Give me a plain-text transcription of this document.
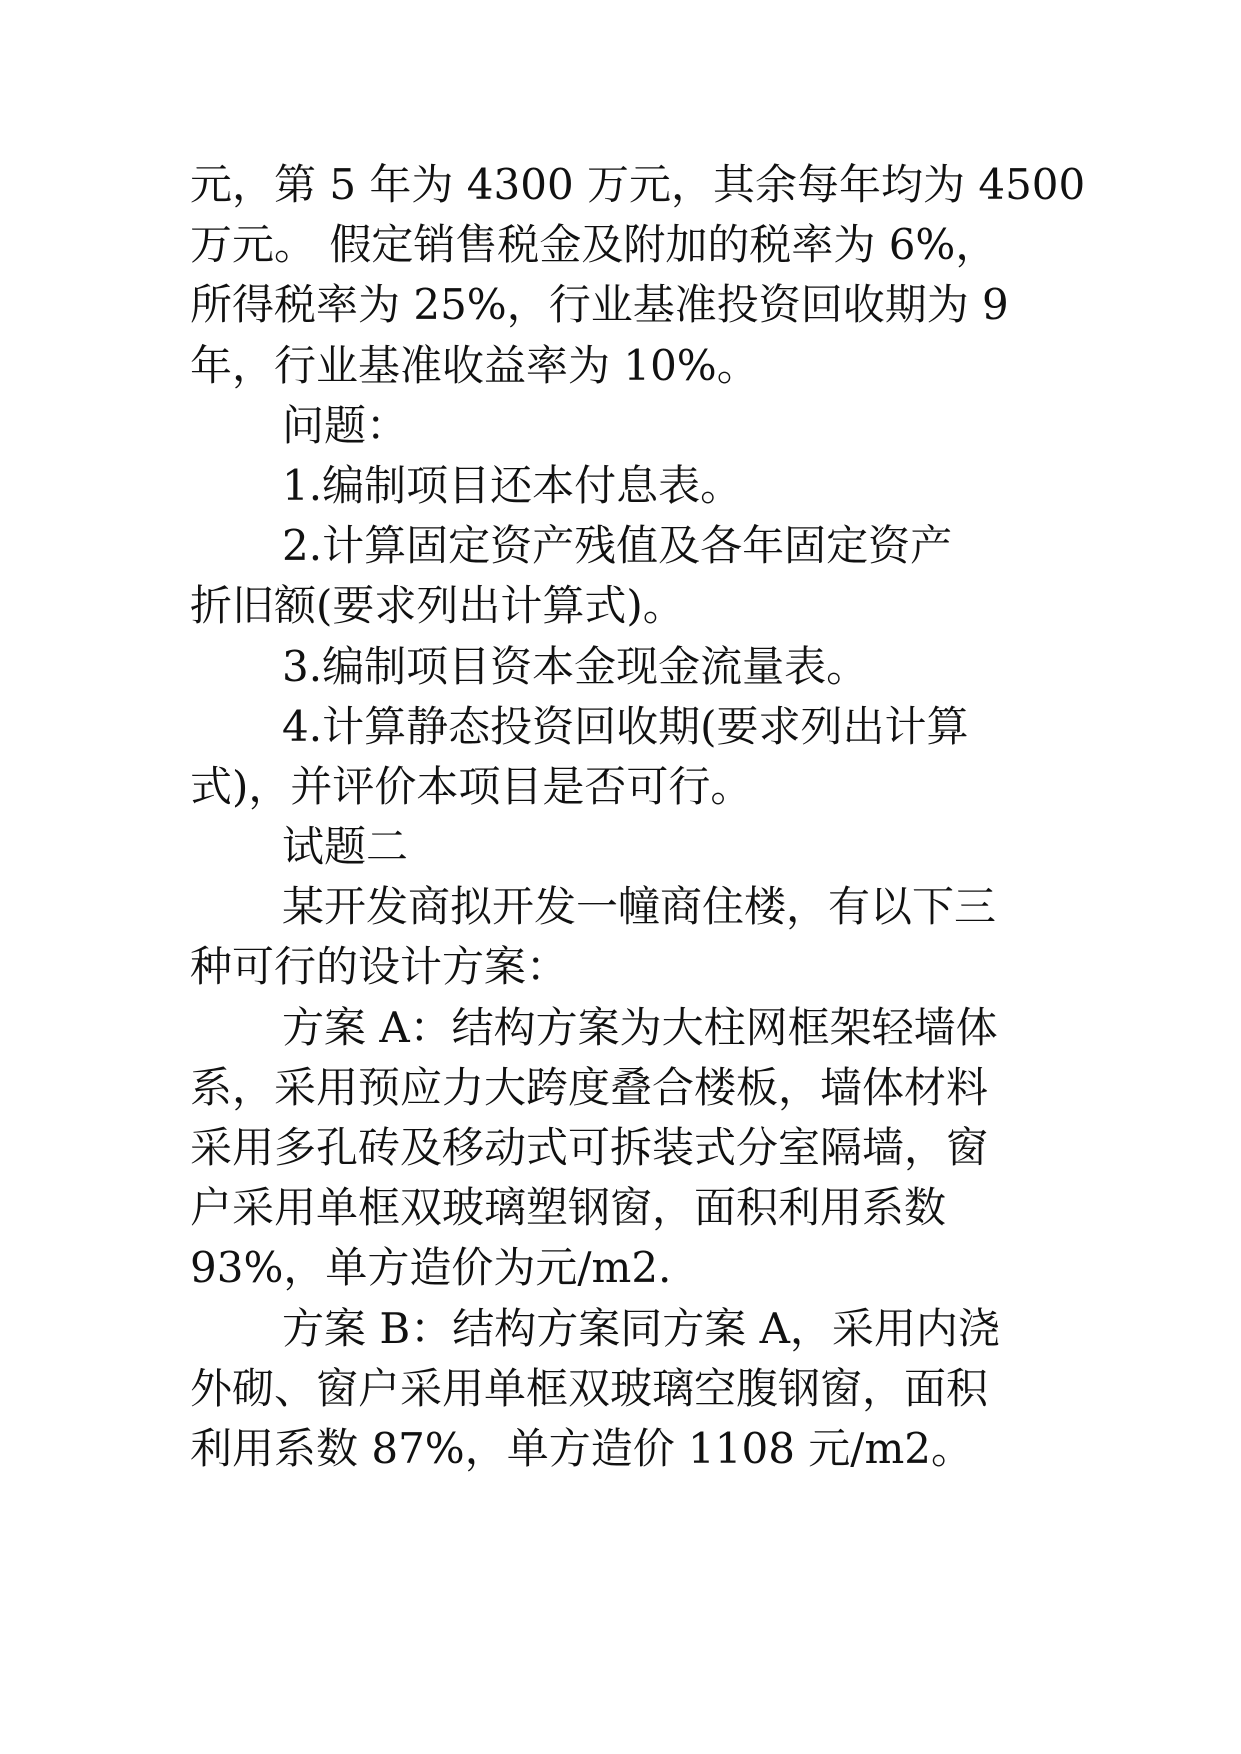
元，第 5 年为 4300 万元，其余每年均为 4500
万元。 假定销售税金及附加的税率为 6%，
所得税率为 25%，行业基准投资回收期为 9
年，行业基准收益率为 10%。
问题：
1.编制项目还本付息表。
2.计算固定资产残值及各年固定资产
折旧额(要求列出计算式)。
3.编制项目资本金现金流量表。
4.计算静态投资回收期(要求列出计算
式)，并评价本项目是否可行。
试题二
某开发商拟开发一幢商住楼，有以下三
种可行的设计方案：
方案 A：结构方案为大柱网框架轻墙体
系，采用预应力大跨度叠合楼板，墙体材料
采用多孔砖及移动式可拆装式分室隔墙，窗
户采用单框双玻璃塑钢窗，面积利用系数
93%，单方造价为元/m2.
方案 B：结构方案同方案 A，采用内浇
外砌、窗户采用单框双玻璃空腹钢窗，面积
利用系数 87%，单方造价 1108 元/m2。
